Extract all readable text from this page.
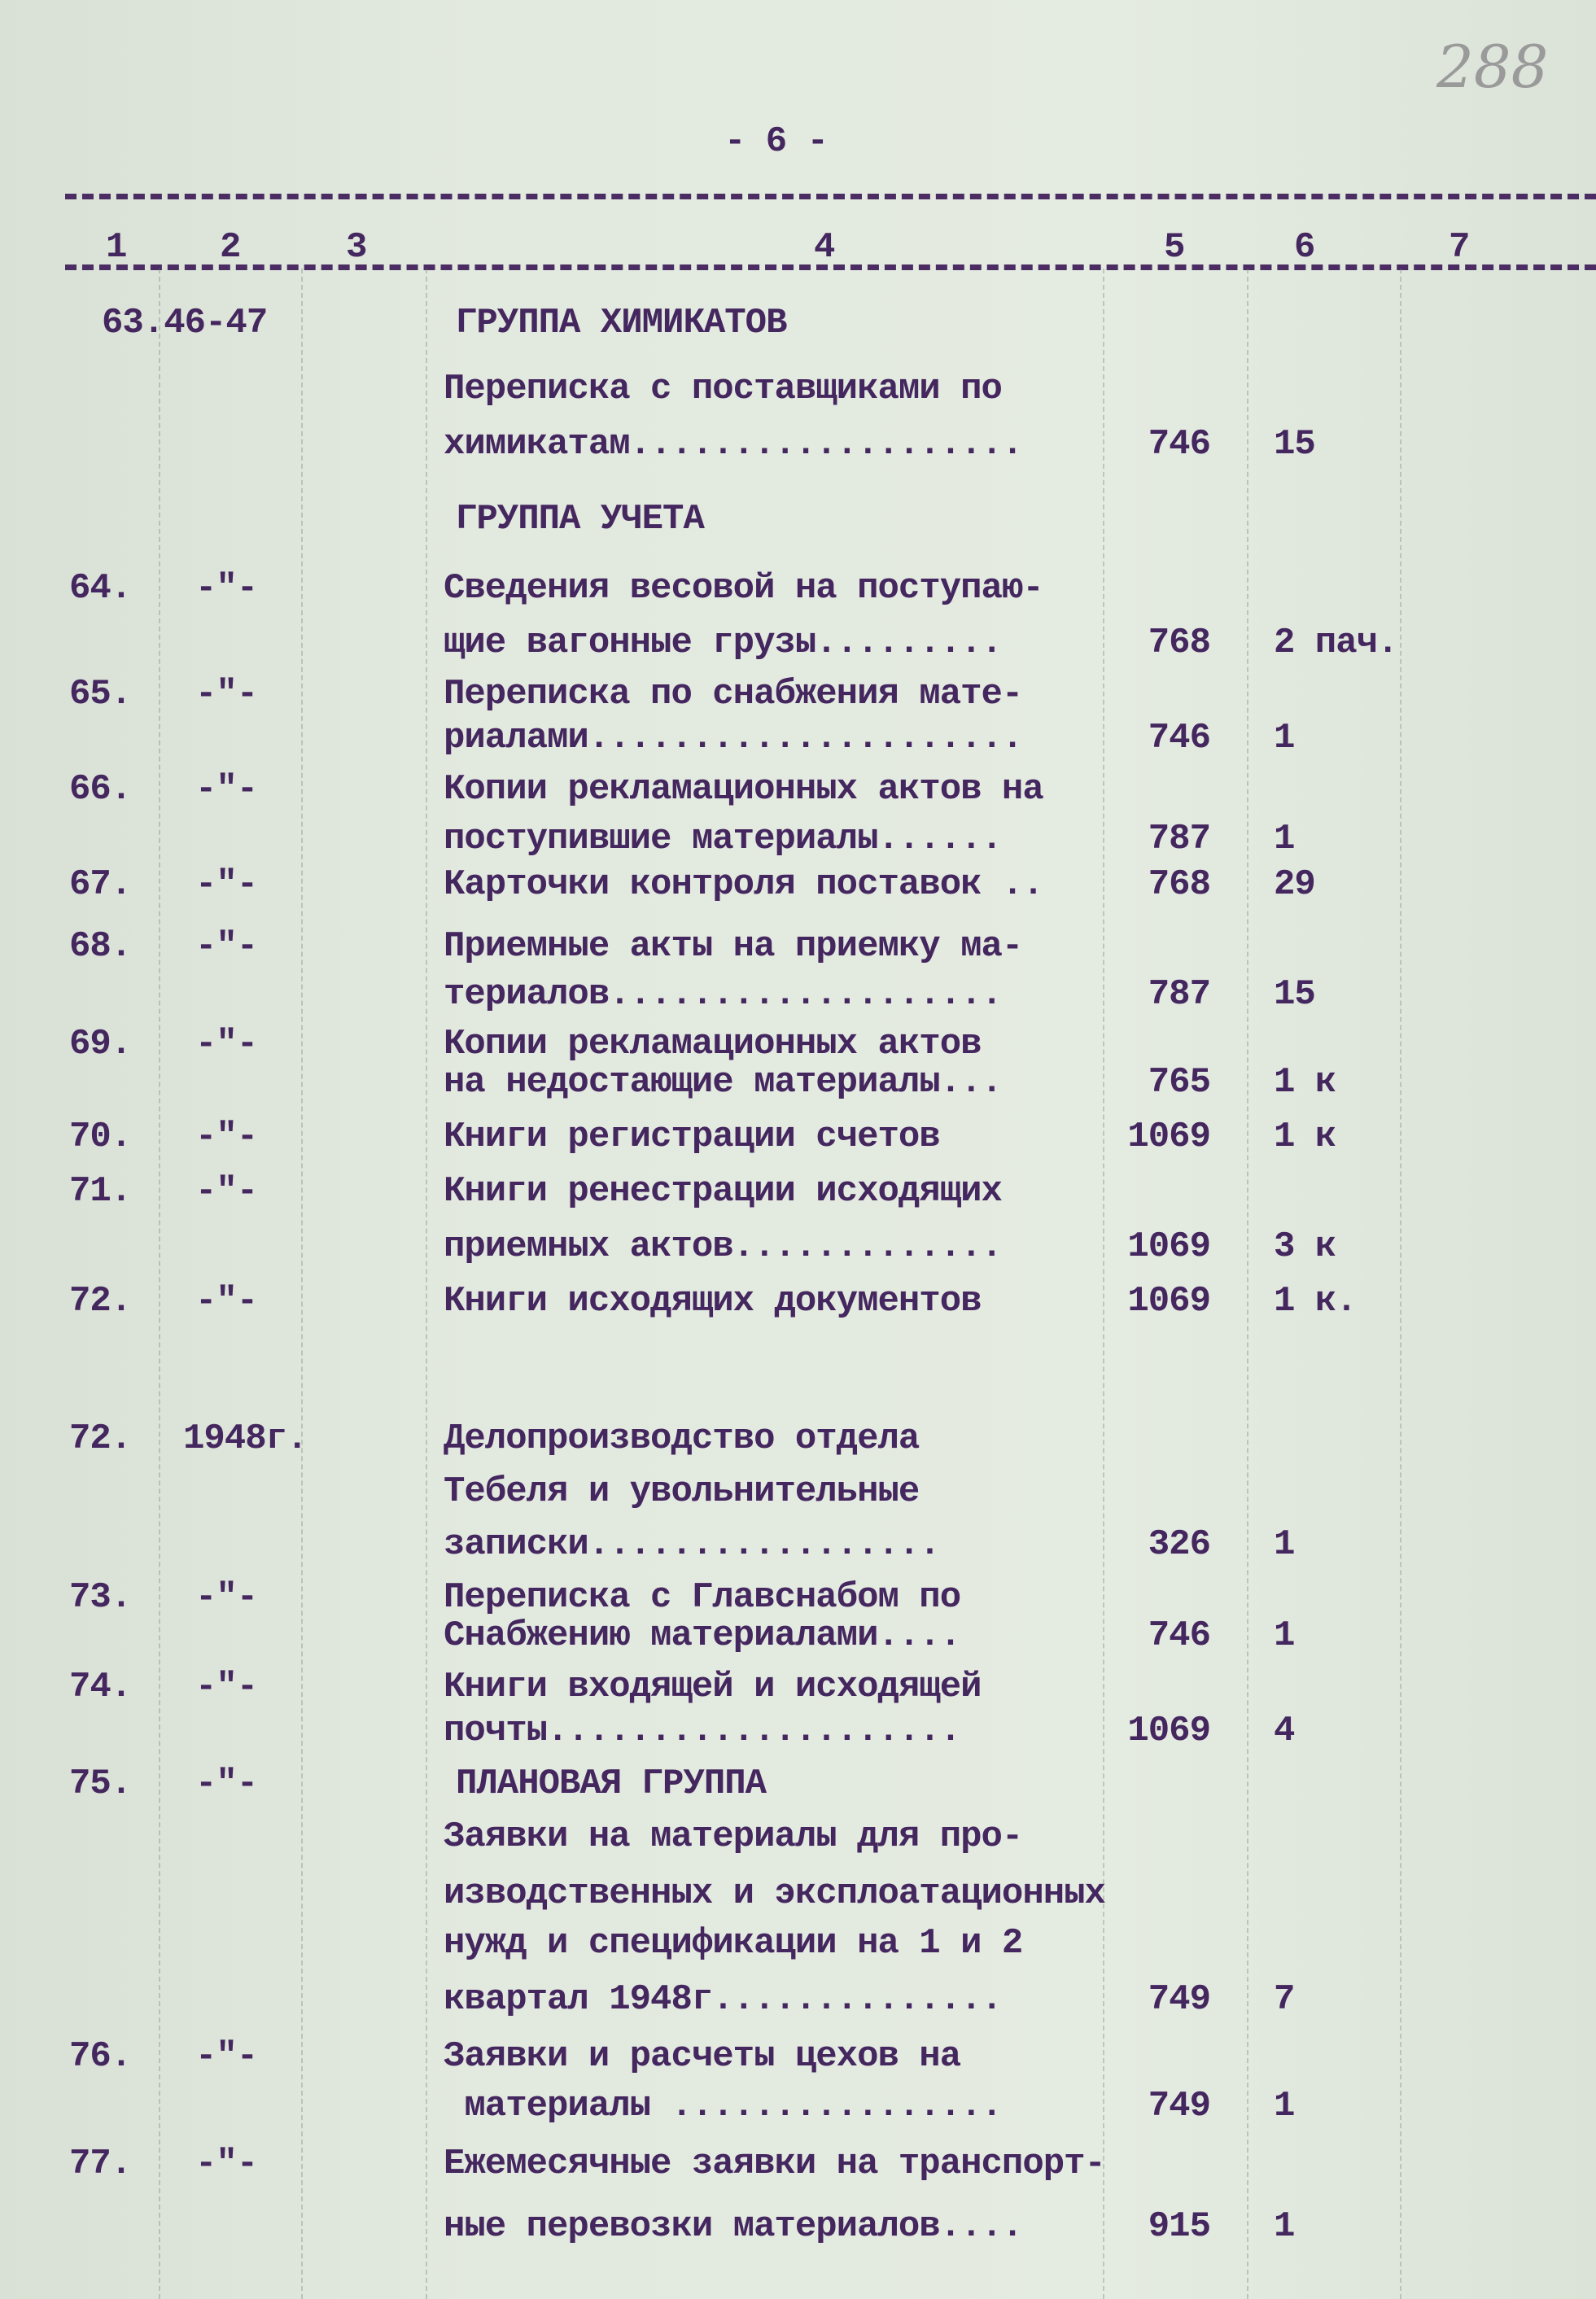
288
- 6 -
1	2	3	4	5	6	7
63.46-47	ГРУППА ХИМИКАТОВ
Переписка с поставщиками по
химикатам...................	746 15
ГРУППА УЧЕТА
64. -"-	Сведения весовой на поступаю-
щие вагонные грузы.........	768 2 пач.
65. -"-	Переписка по снабжения мате-
риалами.....................	746 1
66. -"-	Копии рекламационных актов на
поступившие материалы......	787 1
67. -"-	Карточки контроля поставок ..	768 29
68. -"-	Приемные акты на приемку ма-
териалов...................	787 15
69. -"-	Копии рекламационных актов
на недостающие материалы...	765 1 к
70. -"-	Книги регистрации счетов	1069 1 к
71. -"-	Книги ренестрации исходящих
приемных актов.............	1069 3 к
72. -"-	Книги исходящих документов	1069 1 к.
72. 1948г.	Делопроизводство отдела
Тебеля и увольнительные
записки.................	326 1
73. -"-	Переписка с Главснабом по
Снабжению материалами....	746 1
74. -"-	Книги входящей и исходящей
почты....................	1069 4
75. -"-	ПЛАНОВАЯ ГРУППА
Заявки на материалы для про-
изводственных и эксплоатационных
нужд и спецификации на 1 и 2
квартал 1948г..............	749 7
76. -"-	Заявки и расчеты цехов на
материалы ................	749 1
77. -"-	Ежемесячные заявки на транспорт-
ные перевозки материалов....	915 1
